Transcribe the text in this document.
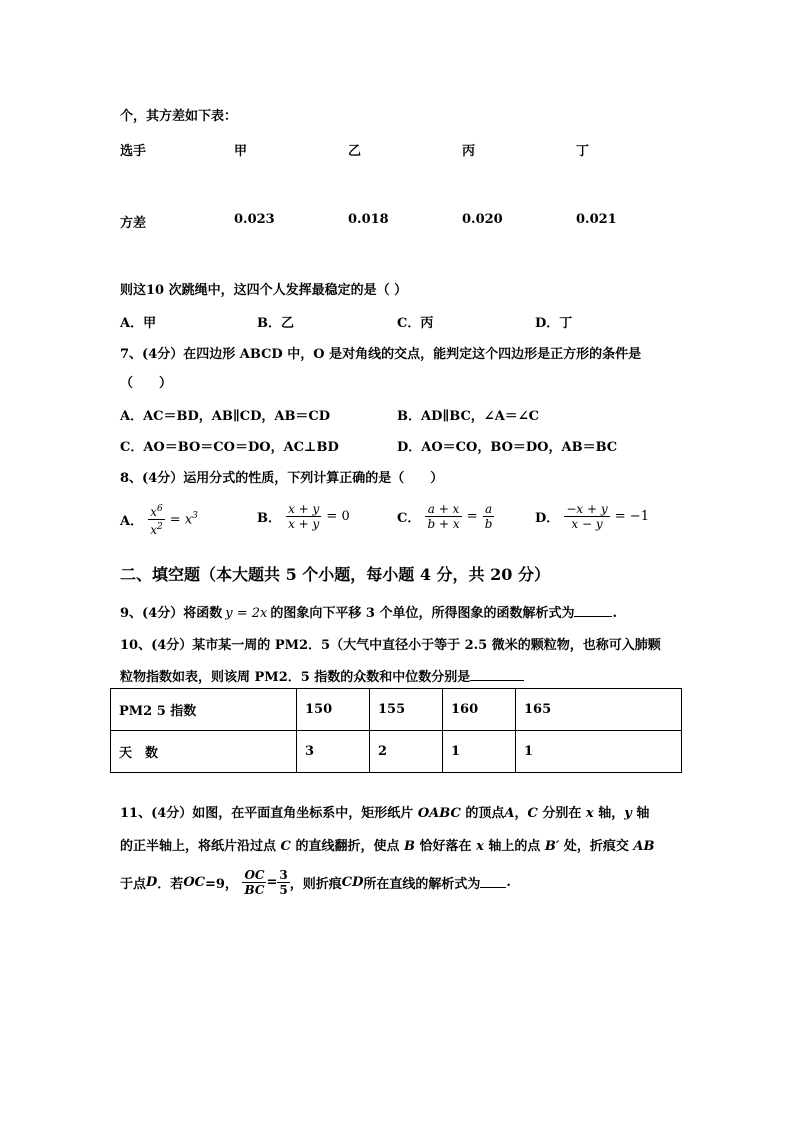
个，其方差如下表：
选手	甲	乙	丙	丁
方差	0.023	0.018	0.020	0.021
则这10 次跳绳中，这四个人发挥最稳定的是（ ）
A．甲	B．乙	C．丙	D．丁
7、(4分）在四边形 ABCD 中，O 是对角线的交点，能判定这个四边形是正方形的条件是
（　　）
A．AC＝BD，AB∥CD，AB＝CD	B．AD∥BC，∠A＝∠C
C．AO＝BO＝CO＝DO，AC⊥BD	D．AO＝CO，BO＝DO，AB＝BC
8、(4分）运用分式的性质，下列计算正确的是（　　）
A． $\frac{x^6}{x^2} = x^3$	B． $\frac{x + y}{x + y} = 0$	C． $\frac{a + x}{b + x} = \frac{a}{b}$	D． $\frac{-x + y}{x - y} = -1$
二、填空题（本大题共 5 个小题，每小题 4 分，共 20 分）
9、(4分）将函数 y = 2x 的图象向下平移 3 个单位，所得图象的函数解析式为	.
10、(4分）某市某一周的 PM2．5（大气中直径小于等于 2.5 微米的颗粒物，也称可入肺颗
粒物指数如表，则该周 PM2．5 指数的众数和中位数分别是
PM2 5 指数	150	155	160	165
天　数	3	2	1	1
11、(4分）如图，在平面直角坐标系中，矩形纸片 OABC 的顶点A，C 分别在 x 轴，y 轴
的正半轴上，将纸片沿过点 C 的直线翻折，使点 B 恰好落在 x 轴上的点 B′ 处，折痕交 AB
于点D．若OC=9， $\frac{OC}{BC} = \frac{3}{5}$ ，则折痕CD所在直线的解析式为 .
